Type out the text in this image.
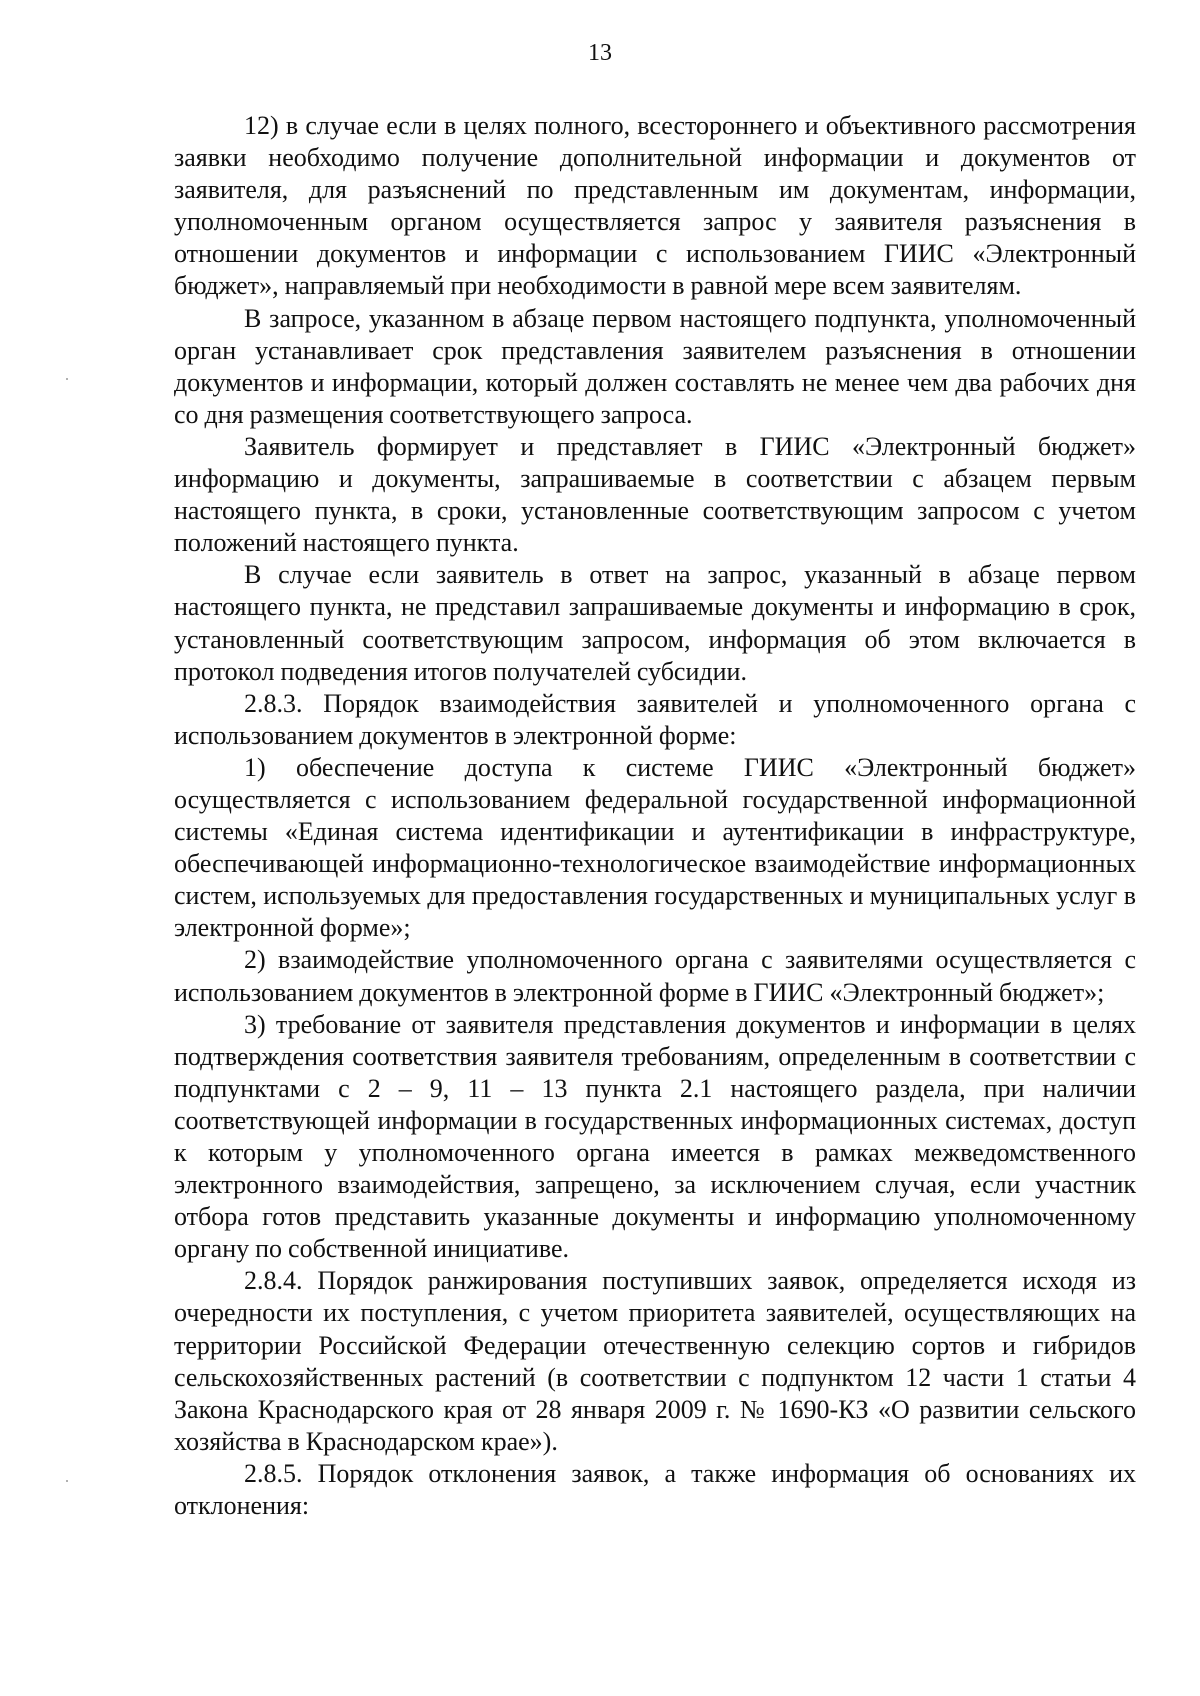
13

12) в случае если в целях полного, всестороннего и объективного рассмотрения заявки необходимо получение дополнительной информации и документов от заявителя, для разъяснений по представленным им документам, информации, уполномоченным органом осуществляется запрос у заявителя разъяснения в отношении документов и информации с использованием ГИИС «Электронный бюджет», направляемый при необходимости в равной мере всем заявителям.

В запросе, указанном в абзаце первом настоящего подпункта, уполномоченный орган устанавливает срок представления заявителем разъяснения в отношении документов и информации, который должен составлять не менее чем два рабочих дня со дня размещения соответствующего запроса.

Заявитель формирует и представляет в ГИИС «Электронный бюджет» информацию и документы, запрашиваемые в соответствии с абзацем первым настоящего пункта, в сроки, установленные соответствующим запросом с учетом положений настоящего пункта.

В случае если заявитель в ответ на запрос, указанный в абзаце первом настоящего пункта, не представил запрашиваемые документы и информацию в срок, установленный соответствующим запросом, информация об этом включается в протокол подведения итогов получателей субсидии.

2.8.3. Порядок взаимодействия заявителей и уполномоченного органа с использованием документов в электронной форме:

1) обеспечение доступа к системе ГИИС «Электронный бюджет» осуществляется с использованием федеральной государственной информационной системы «Единая система идентификации и аутентификации в инфраструктуре, обеспечивающей информационно-технологическое взаимодействие информационных систем, используемых для предоставления государственных и муниципальных услуг в электронной форме»;

2) взаимодействие уполномоченного органа с заявителями осуществляется с использованием документов в электронной форме в ГИИС «Электронный бюджет»;

3) требование от заявителя представления документов и информации в целях подтверждения соответствия заявителя требованиям, определенным в соответствии с подпунктами с 2 – 9, 11 – 13 пункта 2.1 настоящего раздела, при наличии соответствующей информации в государственных информационных системах, доступ к которым у уполномоченного органа имеется в рамках межведомственного электронного взаимодействия, запрещено, за исключением случая, если участник отбора готов представить указанные документы и информацию уполномоченному органу по собственной инициативе.

2.8.4. Порядок ранжирования поступивших заявок, определяется исходя из очередности их поступления, с учетом приоритета заявителей, осуществляющих на территории Российской Федерации отечественную селекцию сортов и гибридов сельскохозяйственных растений (в соответствии с подпунктом 12 части 1 статьи 4 Закона Краснодарского края от 28 января 2009 г. № 1690-КЗ «О развитии сельского хозяйства в Краснодарском крае»).

2.8.5. Порядок отклонения заявок, а также информация об основаниях их отклонения:
